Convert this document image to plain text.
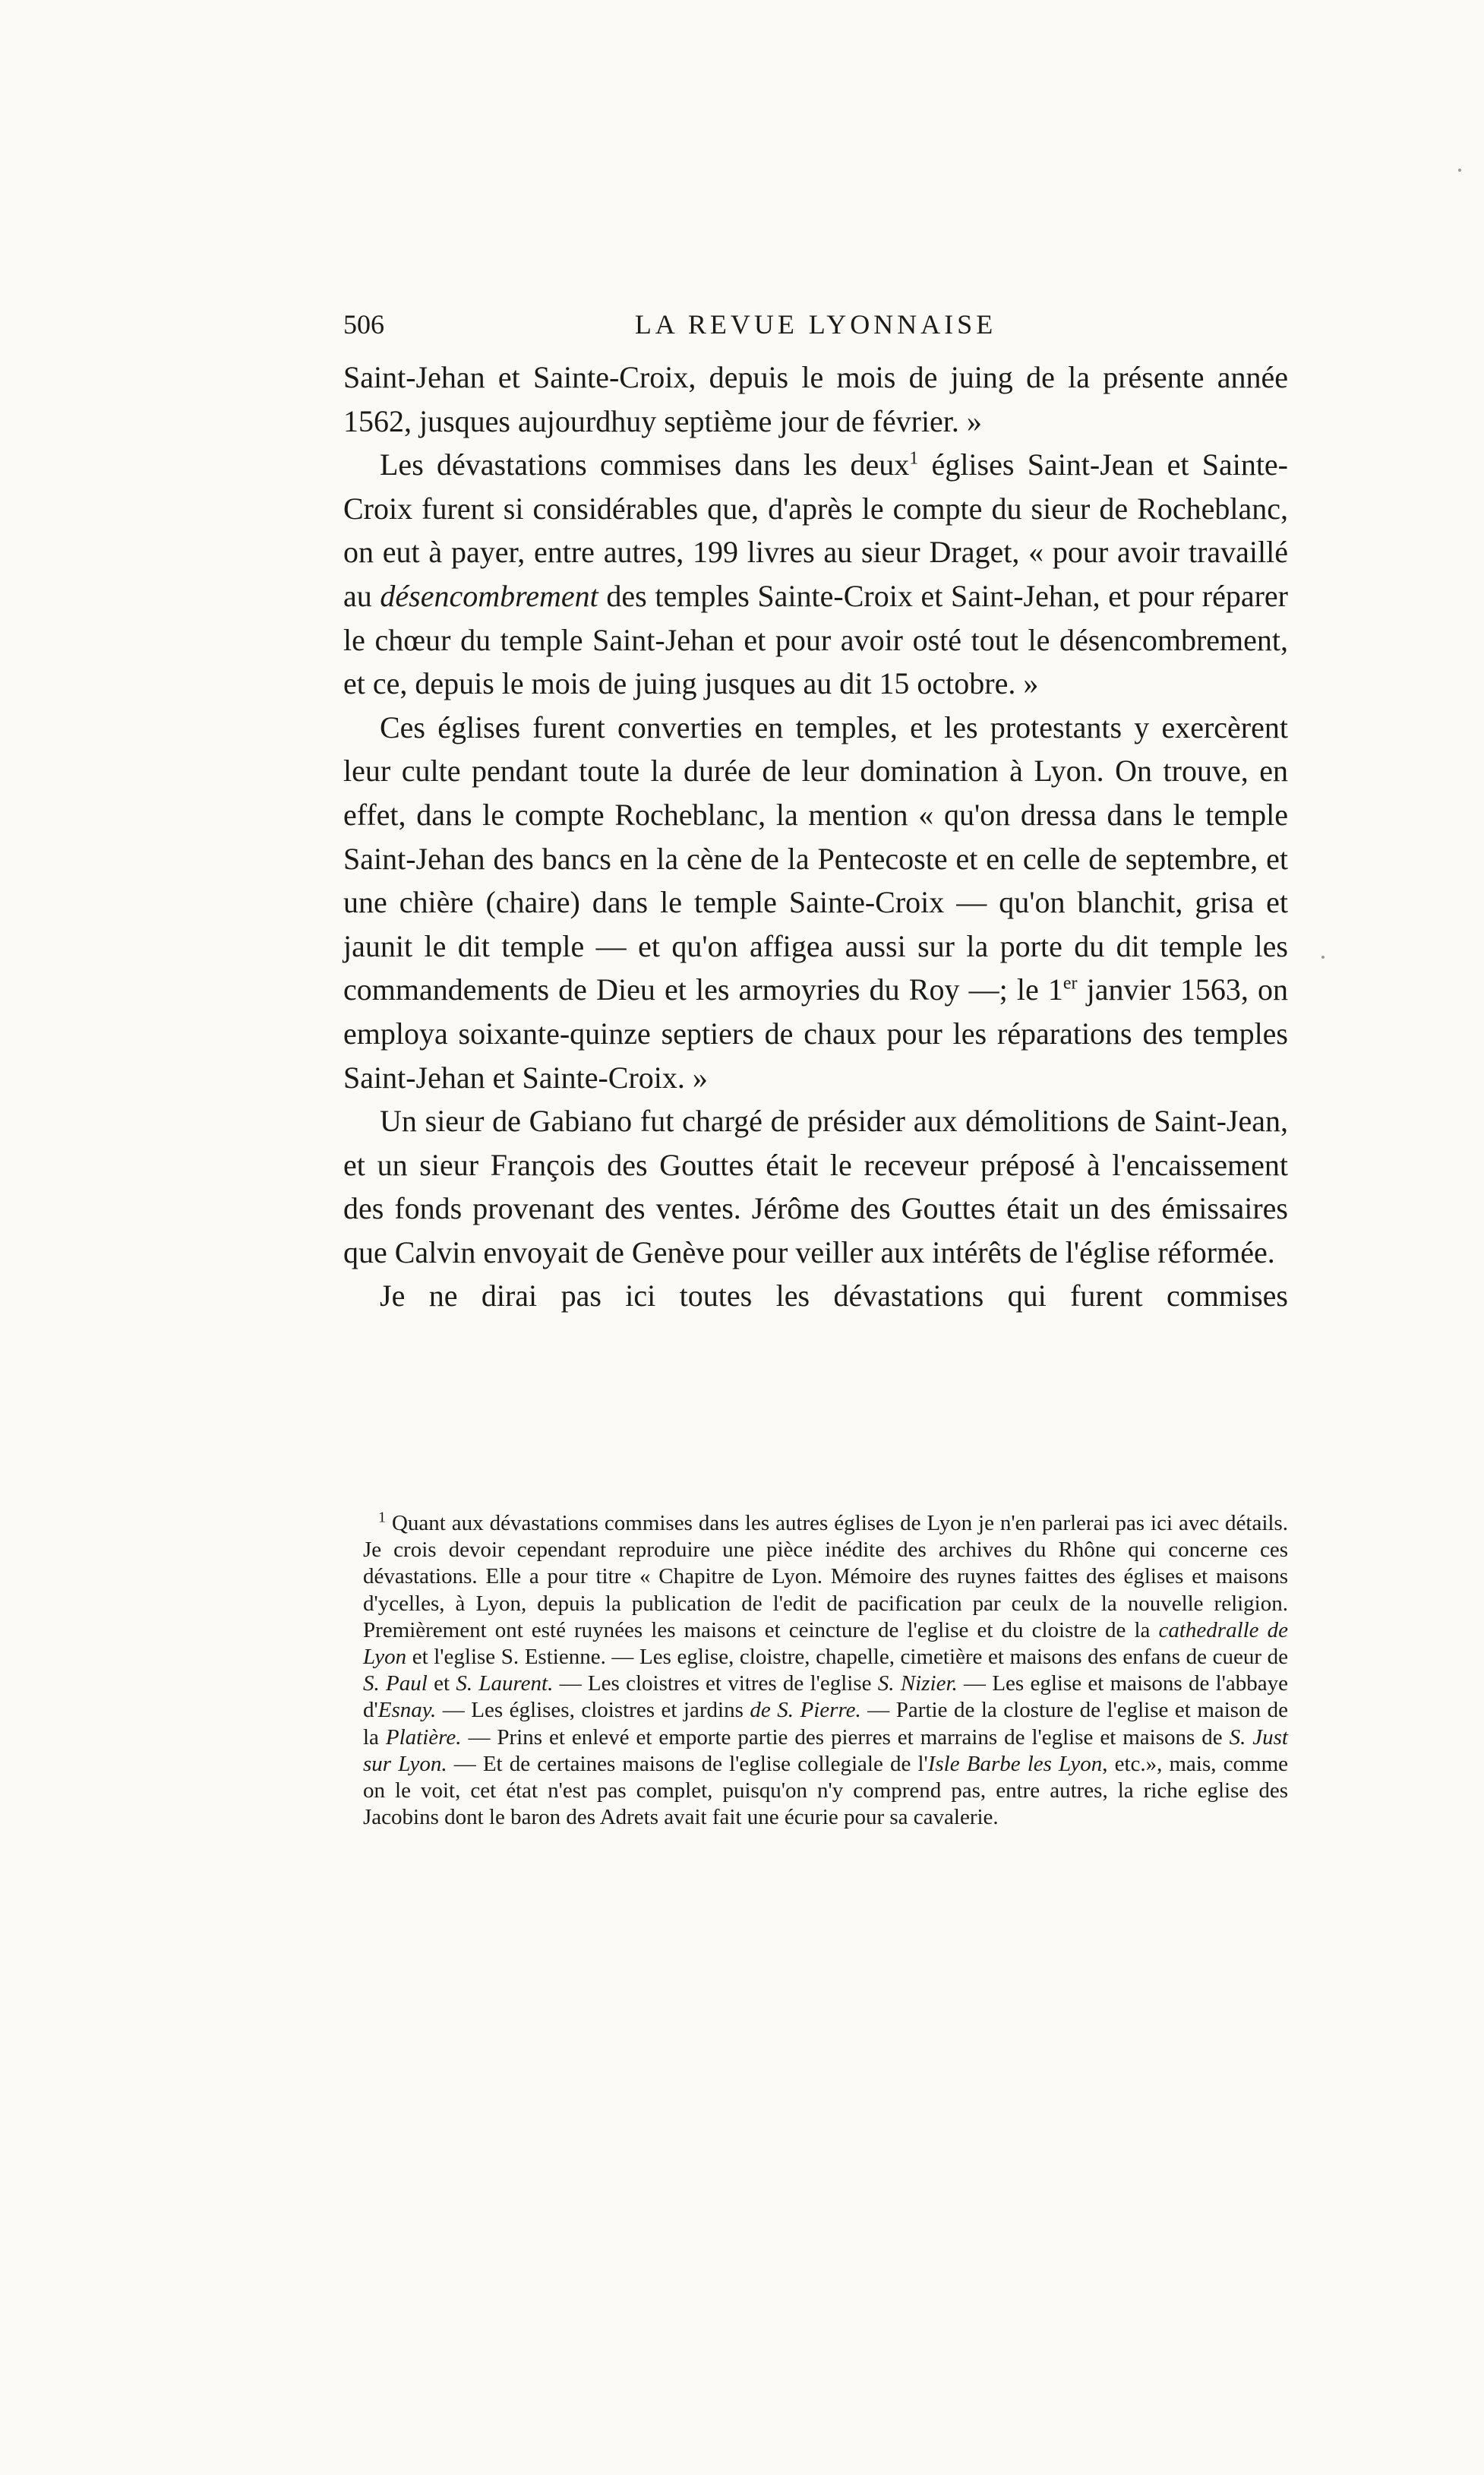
506	LA REVUE LYONNAISE

Saint-Jehan et Sainte-Croix, depuis le mois de juing de la présente année 1562, jusques aujourdhuy septième jour de février. »

Les dévastations commises dans les deux$^1$ églises Saint-Jean et Sainte-Croix furent si considérables que, d'après le compte du sieur de Rocheblanc, on eut à payer, entre autres, 199 livres au sieur Draget, « pour avoir travaillé au désencombrement des temples Sainte-Croix et Saint-Jehan, et pour réparer le chœur du temple Saint-Jehan et pour avoir osté tout le désencombrement, et ce, depuis le mois de juing jusques au dit 15 octobre. »

Ces églises furent converties en temples, et les protestants y exercèrent leur culte pendant toute la durée de leur domination à Lyon. On trouve, en effet, dans le compte Rocheblanc, la mention « qu'on dressa dans le temple Saint-Jehan des bancs en la cène de la Pentecoste et en celle de septembre, et une chière (chaire) dans le temple Sainte-Croix — qu'on blanchit, grisa et jaunit le dit temple — et qu'on affigea aussi sur la porte du dit temple les commandements de Dieu et les armoyries du Roy —; le 1er janvier 1563, on employa soixante-quinze septiers de chaux pour les réparations des temples Saint-Jehan et Sainte-Croix. »

Un sieur de Gabiano fut chargé de présider aux démolitions de Saint-Jean, et un sieur François des Gouttes était le receveur préposé à l'encaissement des fonds provenant des ventes. Jérôme des Gouttes était un des émissaires que Calvin envoyait de Genève pour veiller aux intérêts de l'église réformée.

Je ne dirai pas ici toutes les dévastations qui furent commises

$^1$ Quant aux dévastations commises dans les autres églises de Lyon je n'en parlerai pas ici avec détails. Je crois devoir cependant reproduire une pièce inédite des archives du Rhône qui concerne ces dévastations. Elle a pour titre « Chapitre de Lyon. Mémoire des ruynes faittes des églises et maisons d'ycelles, à Lyon, depuis la publication de l'edit de pacification par ceulx de la nouvelle religion. Premièrement ont esté ruynées les maisons et ceincture de l'eglise et du cloistre de la cathedralle de Lyon et l'eglise S. Estienne. — Les eglise, cloistre, chapelle, cimetière et maisons des enfans de cueur de S. Paul et S. Laurent. — Les cloistres et vitres de l'eglise S. Nizier. — Les eglise et maisons de l'abbaye d'Esnay. — Les églises, cloistres et jardins de S. Pierre. — Partie de la closture de l'eglise et maison de la Platière. — Prins et enlevé et emporte partie des pierres et marrains de l'eglise et maisons de S. Just sur Lyon. — Et de certaines maisons de l'eglise collegiale de l'Isle Barbe les Lyon, etc.», mais, comme on le voit, cet état n'est pas complet, puisqu'on n'y comprend pas, entre autres, la riche eglise des Jacobins dont le baron des Adrets avait fait une écurie pour sa cavalerie.
